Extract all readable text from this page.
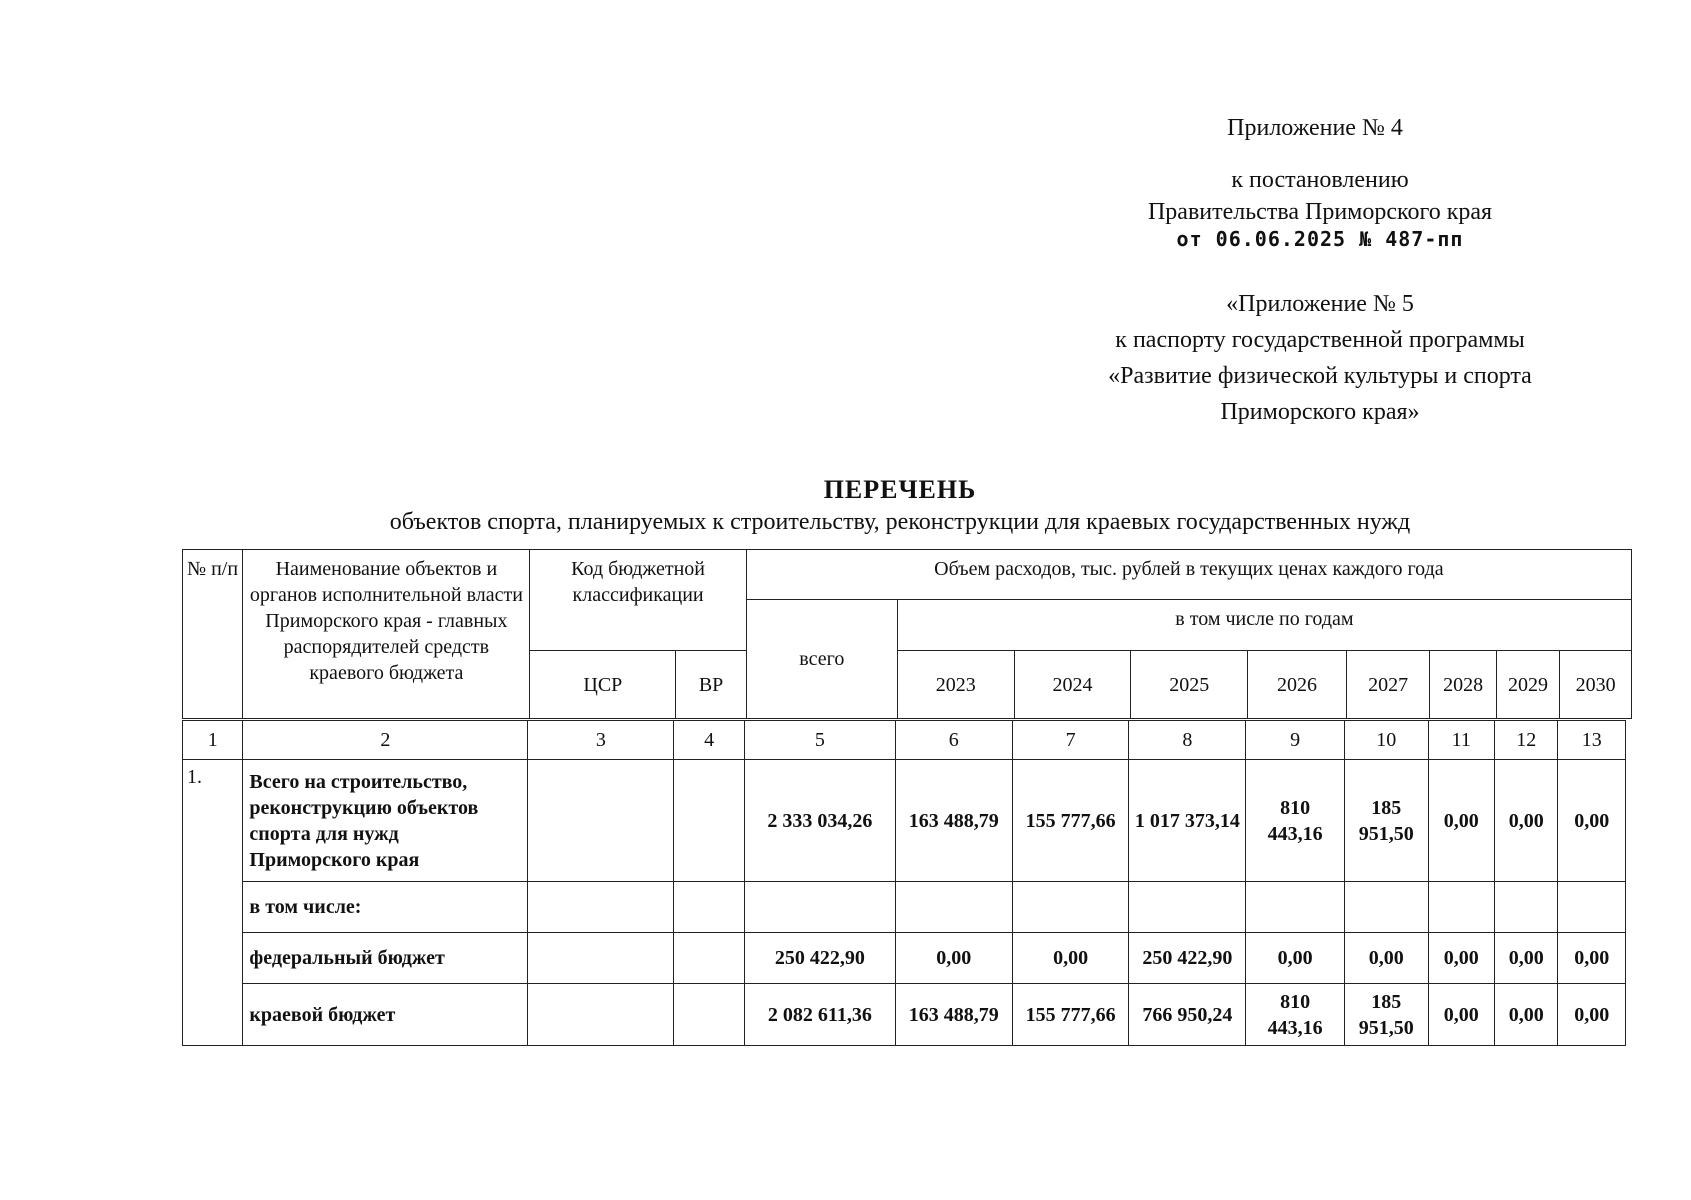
Приложение № 4
к постановлению
Правительства Приморского края
от 06.06.2025 № 487-пп
«Приложение № 5
к паспорту государственной программы
«Развитие физической культуры и спорта
Приморского края»
ПЕРЕЧЕНЬ
объектов спорта, планируемых к строительству, реконструкции для краевых государственных нужд
№ п/п	Наименование объектов и органов исполнительной власти Приморского края - главных распорядителей средств краевого бюджета	Код бюджетной классификации		Объем расходов, тыс. рублей в текущих ценах каждого года								
				всего	в том числе по годам							
		ЦСР	ВР		2023	2024	2025	2026	2027	2028	2029	2030
1	2	3	4	5	6	7	8	9	10	11	12	13
1.	Всего на строительство, реконструкцию объектов спорта для нужд Приморского края			2 333 034,26	163 488,79	155 777,66	1 017 373,14	810 443,16	185 951,50	0,00	0,00	0,00
	в том числе:											
	федеральный бюджет			250 422,90	0,00	0,00	250 422,90	0,00	0,00	0,00	0,00	0,00
	краевой бюджет			2 082 611,36	163 488,79	155 777,66	766 950,24	810 443,16	185 951,50	0,00	0,00	0,00
